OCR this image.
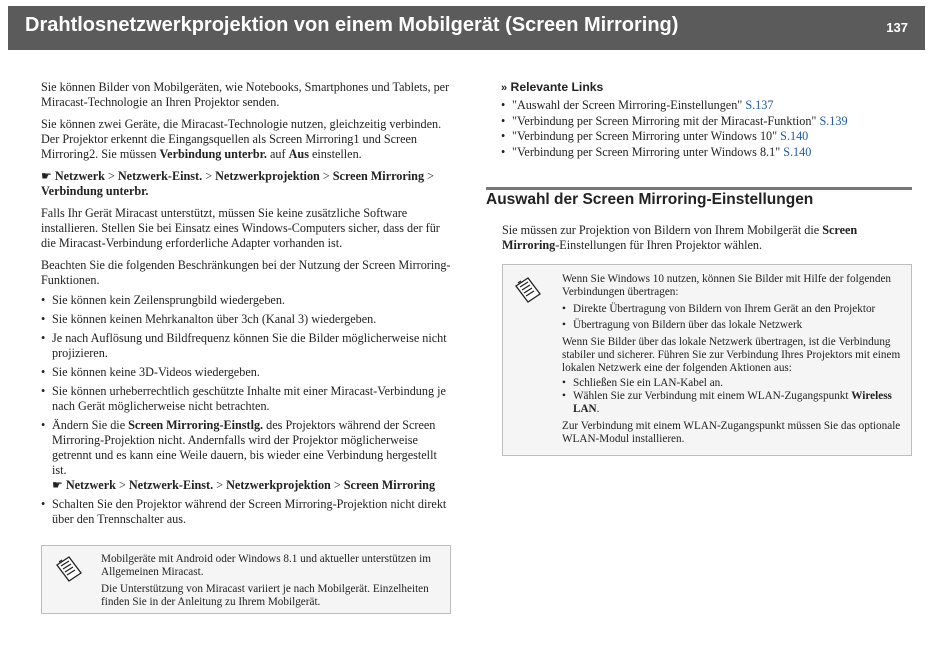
Drahtlosnetzwerkprojektion von einem Mobilgerät (Screen Mirroring)	137

Sie können Bilder von Mobilgeräten, wie Notebooks, Smartphones und Tablets, per Miracast-Technologie an Ihren Projektor senden.

Sie können zwei Geräte, die Miracast-Technologie nutzen, gleichzeitig verbinden. Der Projektor erkennt die Eingangsquellen als Screen Mirroring1 und Screen Mirroring2. Sie müssen Verbindung unterbr. auf Aus einstellen.

☛ Netzwerk > Netzwerk-Einst. > Netzwerkprojektion > Screen Mirroring > Verbindung unterbr.

Falls Ihr Gerät Miracast unterstützt, müssen Sie keine zusätzliche Software installieren. Stellen Sie bei Einsatz eines Windows-Computers sicher, dass der für die Miracast-Verbindung erforderliche Adapter vorhanden ist.

Beachten Sie die folgenden Beschränkungen bei der Nutzung der Screen Mirroring-Funktionen.

• Sie können kein Zeilensprungbild wiedergeben.
• Sie können keinen Mehrkanalton über 3ch (Kanal 3) wiedergeben.
• Je nach Auflösung und Bildfrequenz können Sie die Bilder möglicherweise nicht projizieren.
• Sie können keine 3D-Videos wiedergeben.
• Sie können urheberrechtlich geschützte Inhalte mit einer Miracast-Verbindung je nach Gerät möglicherweise nicht betrachten.
• Ändern Sie die Screen Mirroring-Einstlg. des Projektors während der Screen Mirroring-Projektion nicht. Andernfalls wird der Projektor möglicherweise getrennt und es kann eine Weile dauern, bis wieder eine Verbindung hergestellt ist.
☛ Netzwerk > Netzwerk-Einst. > Netzwerkprojektion > Screen Mirroring
• Schalten Sie den Projektor während der Screen Mirroring-Projektion nicht direkt über den Trennschalter aus.

Mobilgeräte mit Android oder Windows 8.1 und aktueller unterstützen im Allgemeinen Miracast.

Die Unterstützung von Miracast variiert je nach Mobilgerät. Einzelheiten finden Sie in der Anleitung zu Ihrem Mobilgerät.

» Relevante Links
• "Auswahl der Screen Mirroring-Einstellungen" S.137
• "Verbindung per Screen Mirroring mit der Miracast-Funktion" S.139
• "Verbindung per Screen Mirroring unter Windows 10" S.140
• "Verbindung per Screen Mirroring unter Windows 8.1" S.140
Auswahl der Screen Mirroring-Einstellungen

Sie müssen zur Projektion von Bildern von Ihrem Mobilgerät die Screen Mirroring-Einstellungen für Ihren Projektor wählen.

Wenn Sie Windows 10 nutzen, können Sie Bilder mit Hilfe der folgenden Verbindungen übertragen:

• Direkte Übertragung von Bildern von Ihrem Gerät an den Projektor
• Übertragung von Bildern über das lokale Netzwerk

Wenn Sie Bilder über das lokale Netzwerk übertragen, ist die Verbindung stabiler und sicherer. Führen Sie zur Verbindung Ihres Projektors mit einem lokalen Netzwerk eine der folgenden Aktionen aus:

• Schließen Sie ein LAN-Kabel an.
• Wählen Sie zur Verbindung mit einem WLAN-Zugangspunkt Wireless LAN.

Zur Verbindung mit einem WLAN-Zugangspunkt müssen Sie das optionale WLAN-Modul installieren.
